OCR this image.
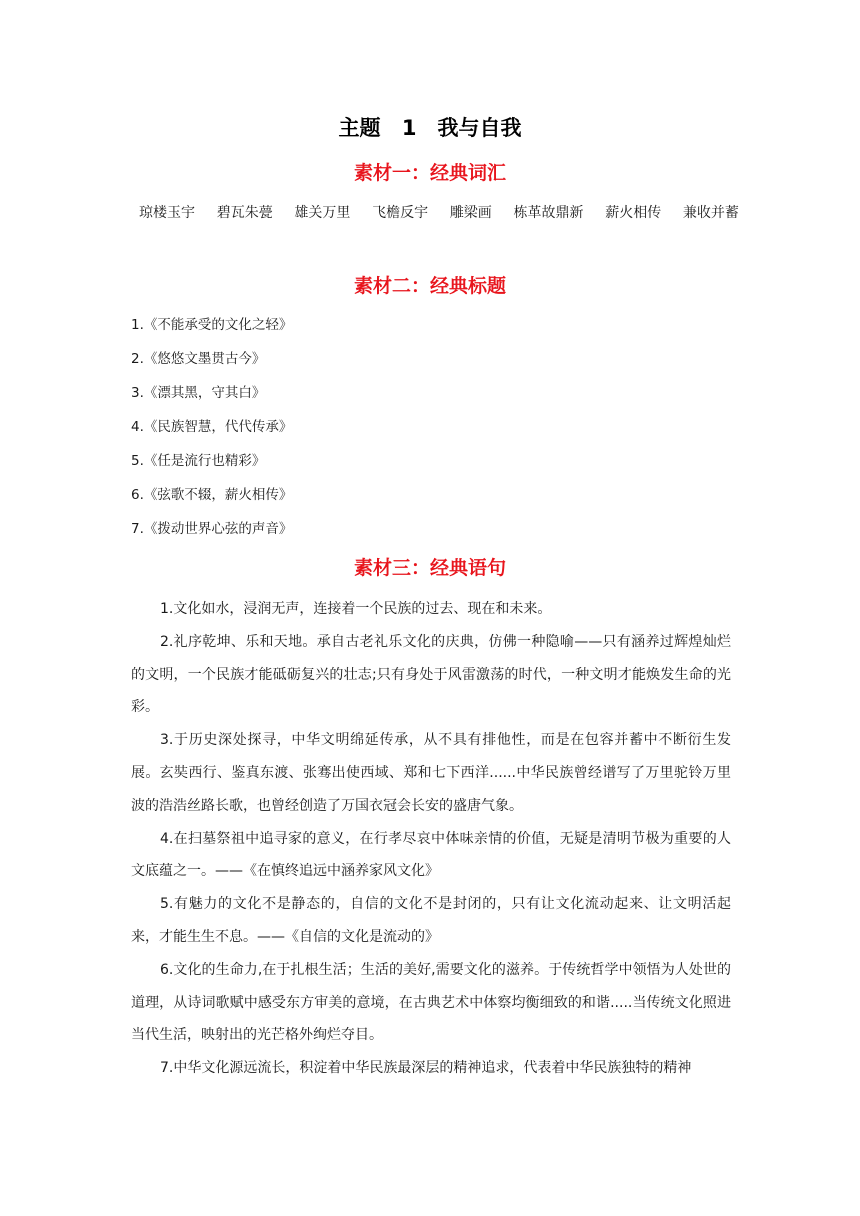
主题 1　我与自我
素材一：经典词汇
琼楼玉宇 碧瓦朱甍 雄关万里 飞檐反宇 雕梁画 栋革故鼎新 薪火相传 兼收并蓄
素材二：经典标题
1.《不能承受的文化之轻》
2.《悠悠文墨贯古今》
3.《漂其黑，守其白》
4.《民族智慧，代代传承》
5.《任是流行也精彩》
6.《弦歌不辍，薪火相传》
7.《拨动世界心弦的声音》
素材三：经典语句

1.文化如水，浸润无声，连接着一个民族的过去、现在和未来。

2.礼序乾坤、乐和天地。承自古老礼乐文化的庆典，仿佛一种隐喻——只有涵养过辉煌灿烂的文明，一个民族才能砥砺复兴的壮志;只有身处于风雷激荡的时代，一种文明才能焕发生命的光彩。

3.于历史深处探寻，中华文明绵延传承，从不具有排他性，而是在包容并蓄中不断衍生发展。玄奘西行、鉴真东渡、张骞出使西域、郑和七下西洋......中华民族曾经谱写了万里驼铃万里波的浩浩丝路长歌，也曾经创造了万国衣冠会长安的盛唐气象。

4.在扫墓祭祖中追寻家的意义，在行孝尽哀中体味亲情的价值，无疑是清明节极为重要的人文底蕴之一。——《在慎终追远中涵养家风文化》

5.有魅力的文化不是静态的，自信的文化不是封闭的，只有让文化流动起来、让文明活起来，才能生生不息。——《自信的文化是流动的》

6.文化的生命力,在于扎根生活；生活的美好,需要文化的滋养。于传统哲学中领悟为人处世的道理，从诗词歌赋中感受东方审美的意境，在古典艺术中体察均衡细致的和谐.....当传统文化照进当代生活，映射出的光芒格外绚烂夺目。

7.中华文化源远流长，积淀着中华民族最深层的精神追求，代表着中华民族独特的精神
